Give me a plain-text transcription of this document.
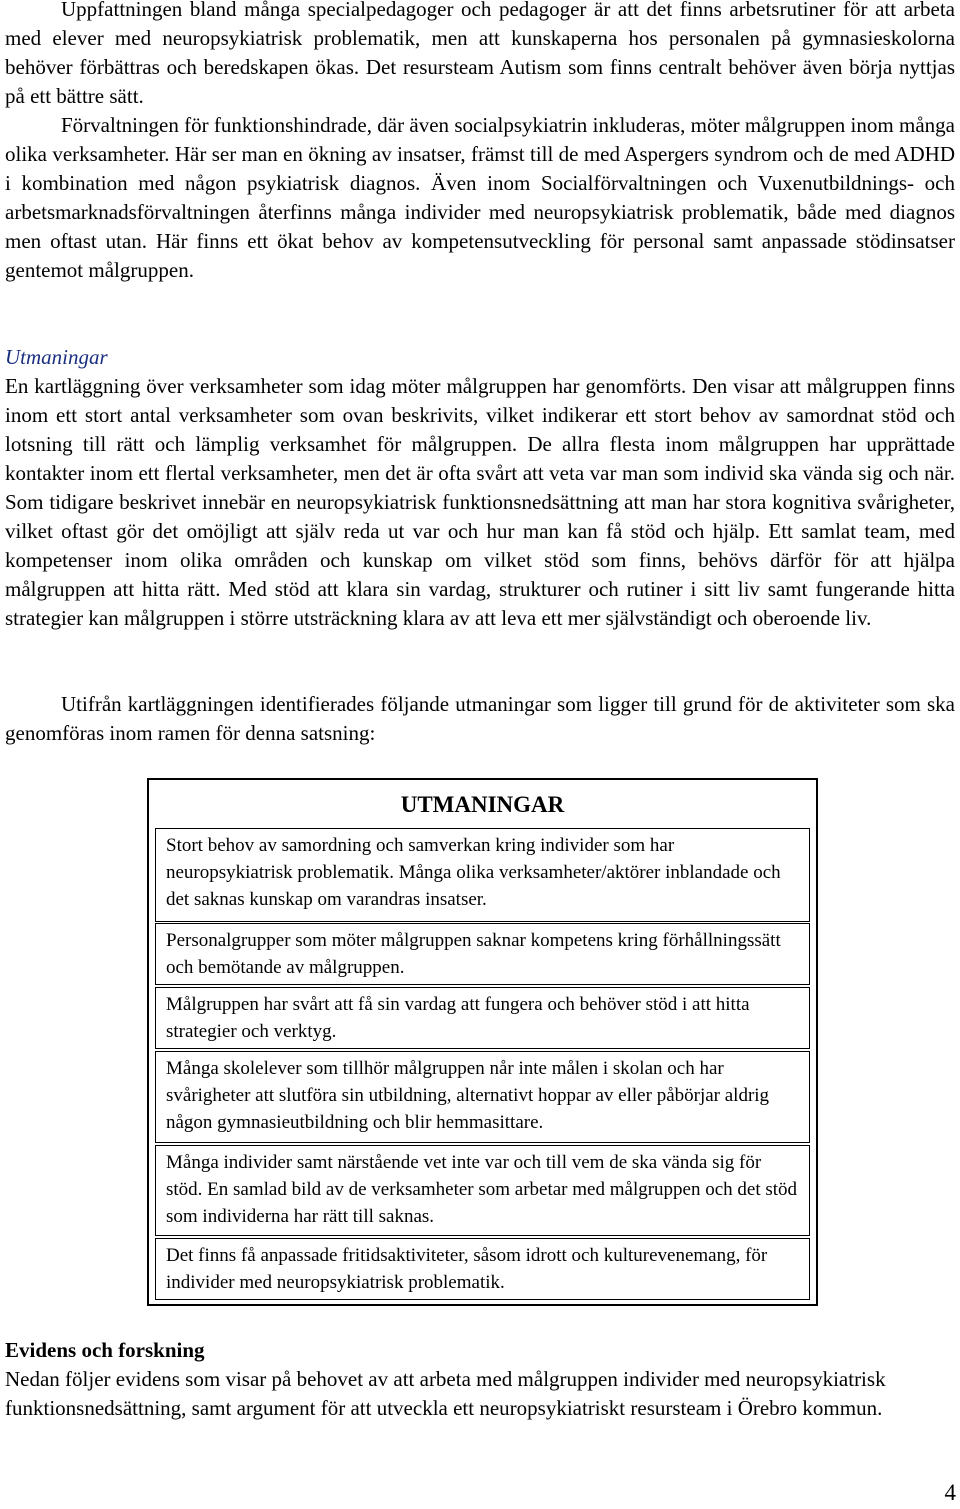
Uppfattningen bland många specialpedagoger och pedagoger är att det finns arbetsrutiner för att arbeta med elever med neuropsykiatrisk problematik, men att kunskaperna hos personalen på gymnasieskolorna behöver förbättras och beredskapen ökas. Det resursteam Autism som finns centralt behöver även börja nyttjas på ett bättre sätt.

Förvaltningen för funktionshindrade, där även socialpsykiatrin inkluderas, möter målgruppen inom många olika verksamheter. Här ser man en ökning av insatser, främst till de med Aspergers syndrom och de med ADHD i kombination med någon psykiatrisk diagnos. Även inom Socialförvaltningen och Vuxenutbildnings- och arbetsmarknadsförvaltningen återfinns många individer med neuropsykiatrisk problematik, både med diagnos men oftast utan. Här finns ett ökat behov av kompetensutveckling för personal samt anpassade stödinsatser gentemot målgruppen.

Utmaningar

En kartläggning över verksamheter som idag möter målgruppen har genomförts. Den visar att målgruppen finns inom ett stort antal verksamheter som ovan beskrivits, vilket indikerar ett stort behov av samordnat stöd och lotsning till rätt och lämplig verksamhet för målgruppen. De allra flesta inom målgruppen har upprättade kontakter inom ett flertal verksamheter, men det är ofta svårt att veta var man som individ ska vända sig och när. Som tidigare beskrivet innebär en neuropsykiatrisk funktionsnedsättning att man har stora kognitiva svårigheter, vilket oftast gör det omöjligt att själv reda ut var och hur man kan få stöd och hjälp. Ett samlat team, med kompetenser inom olika områden och kunskap om vilket stöd som finns, behövs därför för att hjälpa målgruppen att hitta rätt. Med stöd att klara sin vardag, strukturer och rutiner i sitt liv samt fungerande hitta strategier kan målgruppen i större utsträckning klara av att leva ett mer självständigt och oberoende liv.

Utifrån kartläggningen identifierades följande utmaningar som ligger till grund för de aktiviteter som ska genomföras inom ramen för denna satsning:

UTMANINGAR
Stort behov av samordning och samverkan kring individer som har neuropsykiatrisk problematik. Många olika verksamheter/aktörer inblandade och det saknas kunskap om varandras insatser.
Personalgrupper som möter målgruppen saknar kompetens kring förhållningssätt och bemötande av målgruppen.
Målgruppen har svårt att få sin vardag att fungera och behöver stöd i att hitta strategier och verktyg.
Många skolelever som tillhör målgruppen når inte målen i skolan och har svårigheter att slutföra sin utbildning, alternativt hoppar av eller påbörjar aldrig någon gymnasieutbildning och blir hemmasittare.
Många individer samt närstående vet inte var och till vem de ska vända sig för stöd. En samlad bild av de verksamheter som arbetar med målgruppen och det stöd som individerna har rätt till saknas.
Det finns få anpassade fritidsaktiviteter, såsom idrott och kulturevenemang, för individer med neuropsykiatrisk problematik.

Evidens och forskning

Nedan följer evidens som visar på behovet av att arbeta med målgruppen individer med neuropsykiatrisk funktionsnedsättning, samt argument för att utveckla ett neuropsykiatriskt resursteam i Örebro kommun.

4
